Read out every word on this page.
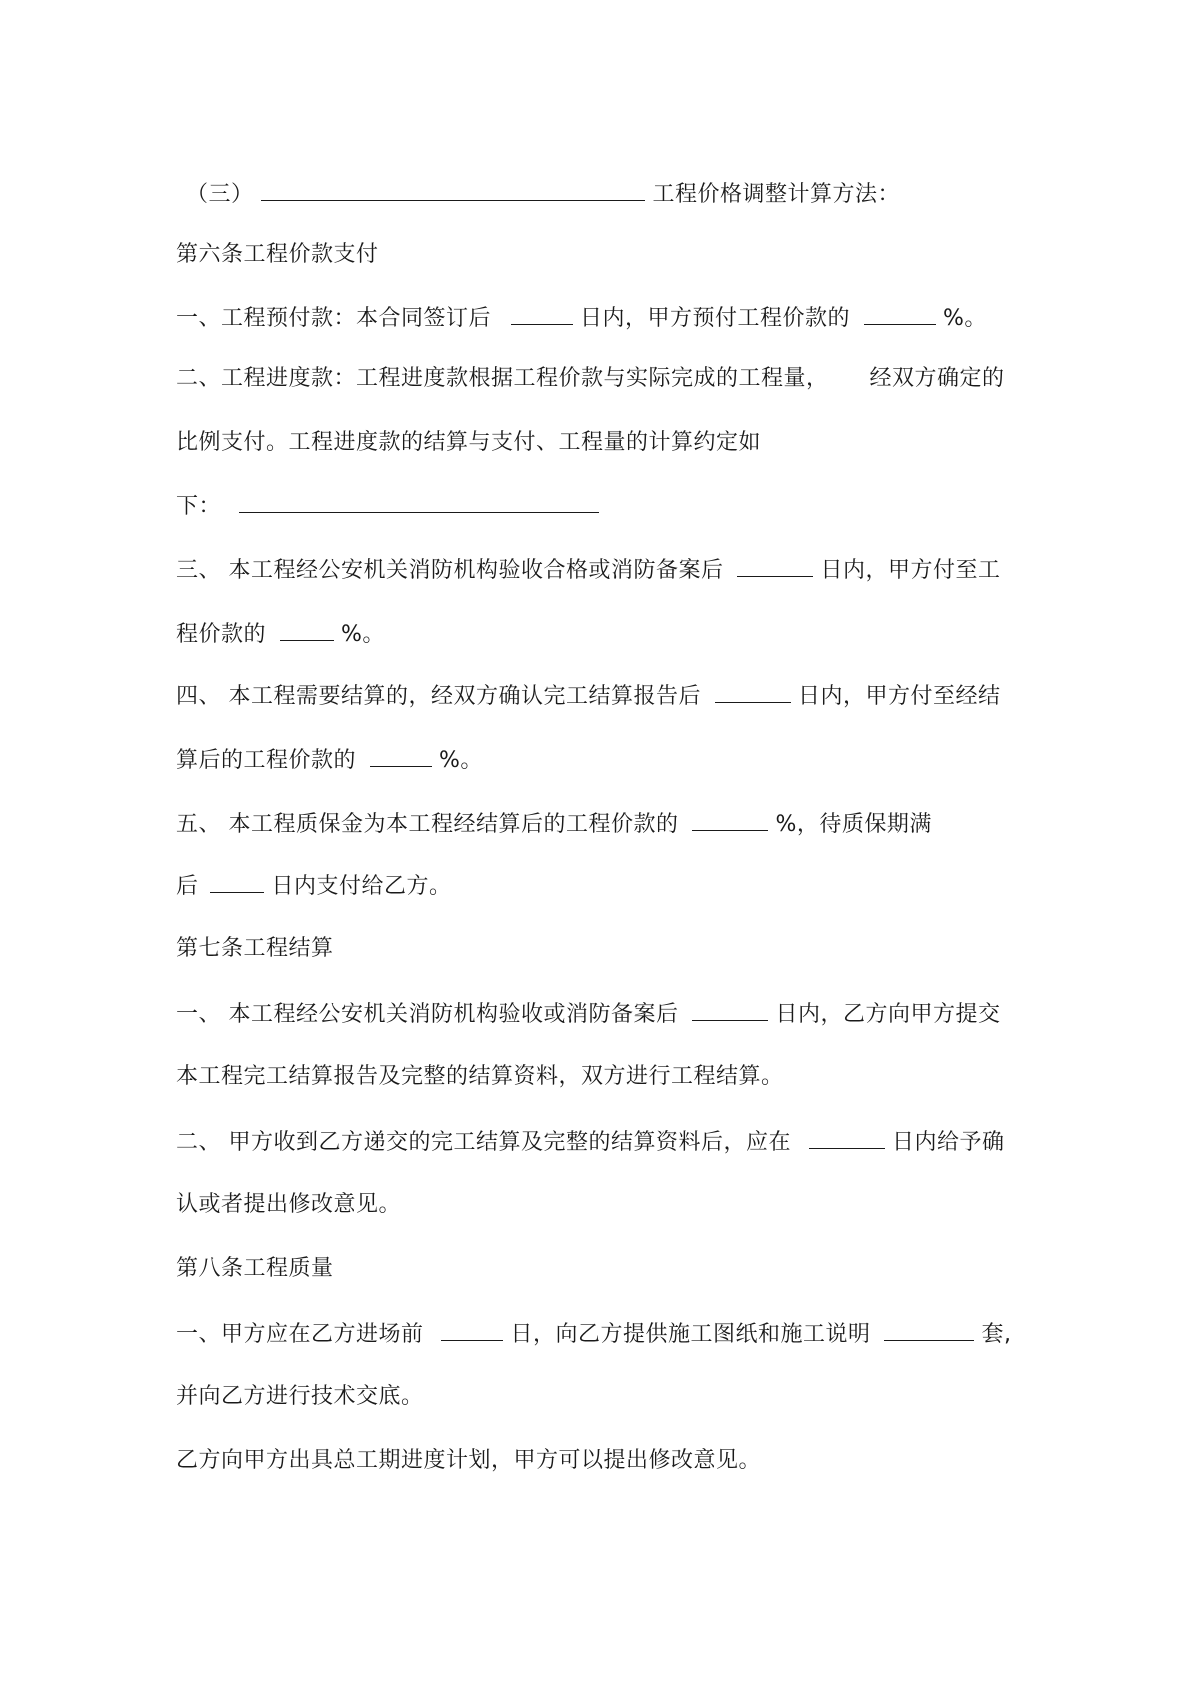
（三）	工程价格调整计算方法：
第六条工程价款支付
一、工程预付款：本合同签订后	日内，甲方预付工程价款的	%。
二、工程进度款：工程进度款根据工程价款与实际完成的工程量， 经双方确定的
比例支付。工程进度款的结算与支付、工程量的计算约定如
下：
三、 本工程经公安机关消防机构验收合格或消防备案后	日内，甲方付至工
程价款的	%。
四、 本工程需要结算的，经双方确认完工结算报告后	日内，甲方付至经结
算后的工程价款的	%。
五、 本工程质保金为本工程经结算后的工程价款的	%，待质保期满
后	日内支付给乙方。
第七条工程结算
一、 本工程经公安机关消防机构验收或消防备案后	日内，乙方向甲方提交
本工程完工结算报告及完整的结算资料，双方进行工程结算。
二、 甲方收到乙方递交的完工结算及完整的结算资料后，应在	日内给予确
认或者提出修改意见。
第八条工程质量
一、甲方应在乙方进场前	日，向乙方提供施工图纸和施工说明	套,
并向乙方进行技术交底。
乙方向甲方出具总工期进度计划，甲方可以提出修改意见。
